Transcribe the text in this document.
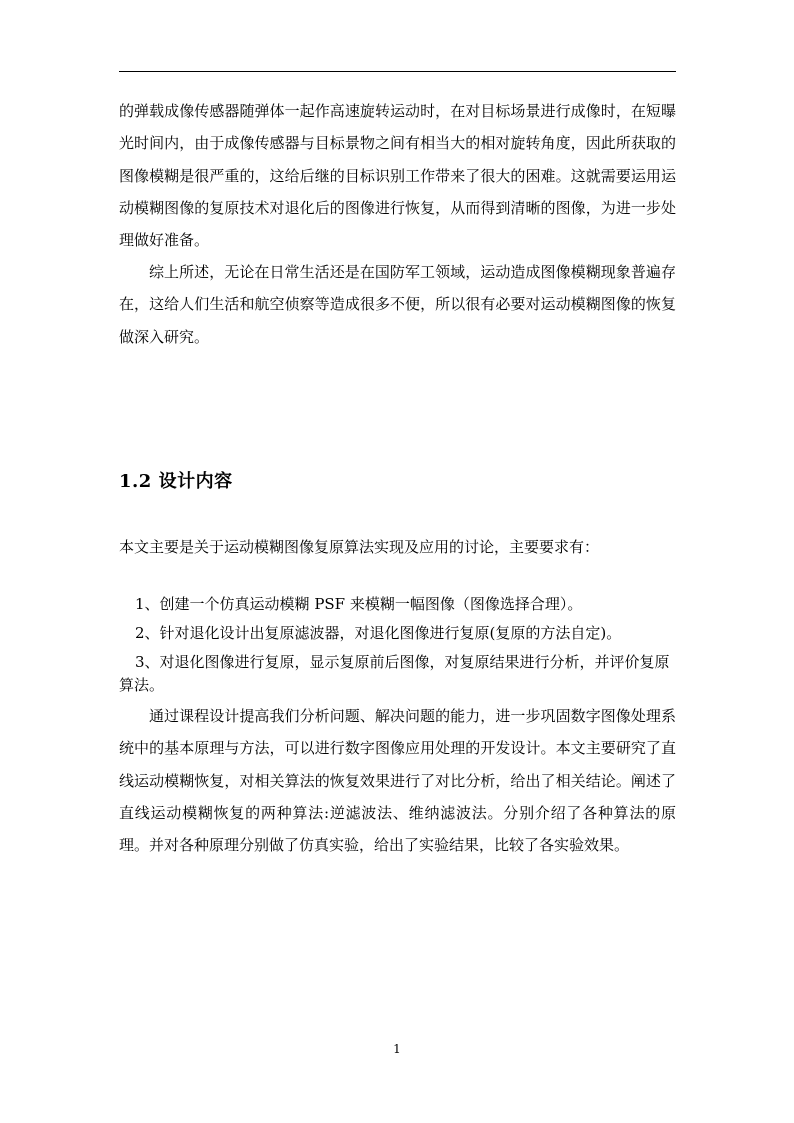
的弹载成像传感器随弹体一起作高速旋转运动时，在对目标场景进行成像时，在短曝光时间内，由于成像传感器与目标景物之间有相当大的相对旋转角度，因此所获取的图像模糊是很严重的，这给后继的目标识别工作带来了很大的困难。这就需要运用运动模糊图像的复原技术对退化后的图像进行恢复，从而得到清晰的图像，为进一步处理做好准备。

综上所述，无论在日常生活还是在国防军工领域，运动造成图像模糊现象普遍存在，这给人们生活和航空侦察等造成很多不便，所以很有必要对运动模糊图像的恢复做深入研究。

1.2 设计内容

本文主要是关于运动模糊图像复原算法实现及应用的讨论，主要要求有：

1、创建一个仿真运动模糊 PSF 来模糊一幅图像（图像选择合理）。

2、针对退化设计出复原滤波器，对退化图像进行复原(复原的方法自定)。

3、对退化图像进行复原，显示复原前后图像，对复原结果进行分析，并评价复原算法。

通过课程设计提高我们分析问题、解决问题的能力，进一步巩固数字图像处理系统中的基本原理与方法，可以进行数字图像应用处理的开发设计。本文主要研究了直线运动模糊恢复，对相关算法的恢复效果进行了对比分析，给出了相关结论。阐述了直线运动模糊恢复的两种算法:逆滤波法、维纳滤波法。分别介绍了各种算法的原理。并对各种原理分别做了仿真实验，给出了实验结果，比较了各实验效果。

1
